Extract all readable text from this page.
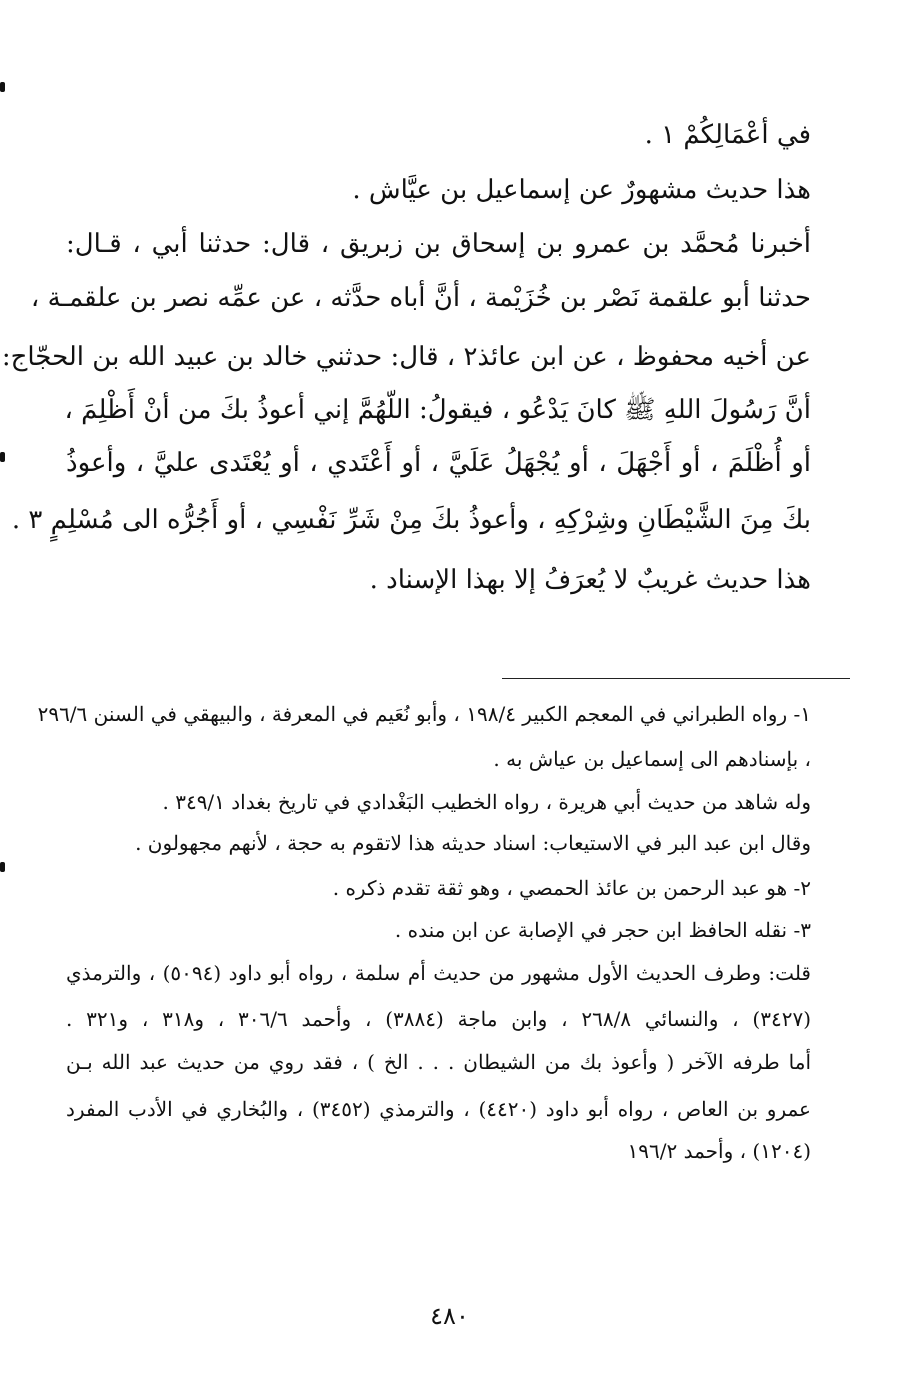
في أعْمَالِكُمْ ١ .
هذا حديث مشهورٌ عن إسماعيل بن عيَّاش .
أخبرنا مُحمَّد بن عمرو بن إسحاق بن زبريق ، قال: حدثنا أبي ، قـال:
حدثنا أبو علقمة نَصْر بن خُزَيْمة ، أنَّ أباه حدَّثه ، عن عمِّه نصر بن علقمـة ،
عن أخيه محفوظ ، عن ابن عائذ٢ ، قال: حدثني خالد بن عبيد الله بن الحجّاج:
أنَّ رَسُولَ اللهِ ﷺ كانَ يَدْعُو ، فيقولُ: اللّهُمَّ إني أعوذُ بكَ من أنْ أَظْلِمَ ،
أو أُظْلَمَ ، أو أَجْهَلَ ، أو يُجْهَلُ عَلَيَّ ، أو أَعْتَدي ، أو يُعْتَدى عليَّ ، وأعوذُ
بكَ مِنَ الشَّيْطَانِ وشِرْكِهِ ، وأعوذُ بكَ مِنْ شَرِّ نَفْسِي ، أو أَجُرُّه الى مُسْلِمٍ ٣ .
هذا حديث غريبٌ لا يُعرَفُ إلا بهذا الإسناد .
١- رواه الطبراني في المعجم الكبير ١٩٨/٤ ، وأبو نُعَيم في المعرفة ، والبيهقي في السنن ٢٩٦/٦
، بإسنادهم الى إسماعيل بن عياش به .
وله شاهد من حديث أبي هريرة ، رواه الخطيب البَغْدادي في تاريخ بغداد ٣٤٩/١ .
وقال ابن عبد البر في الاستيعاب: اسناد حديثه هذا لاتقوم به حجة ، لأنهم مجهولون .
٢- هو عبد الرحمن بن عائذ الحمصي ، وهو ثقة تقدم ذكره .
٣- نقله الحافظ ابن حجر في الإصابة عن ابن منده .
قلت: وطرف الحديث الأول مشهور من حديث أم سلمة ، رواه أبو داود (٥٠٩٤) ، والترمذي
(٣٤٢٧) ، والنسائي ٢٦٨/٨ ، وابن ماجة (٣٨٨٤) ، وأحمد ٣٠٦/٦ ، و٣١٨ ، و٣٢١ .
أما طرفه الآخر ( وأعوذ بك من الشيطان . . . الخ ) ، فقد روي من حديث عبد الله بـن
عمرو بن العاص ، رواه أبو داود (٤٤٢٠) ، والترمذي (٣٤٥٢) ، والبُخاري في الأدب المفرد
(١٢٠٤) ، وأحمد ١٩٦/٢
٤٨٠
